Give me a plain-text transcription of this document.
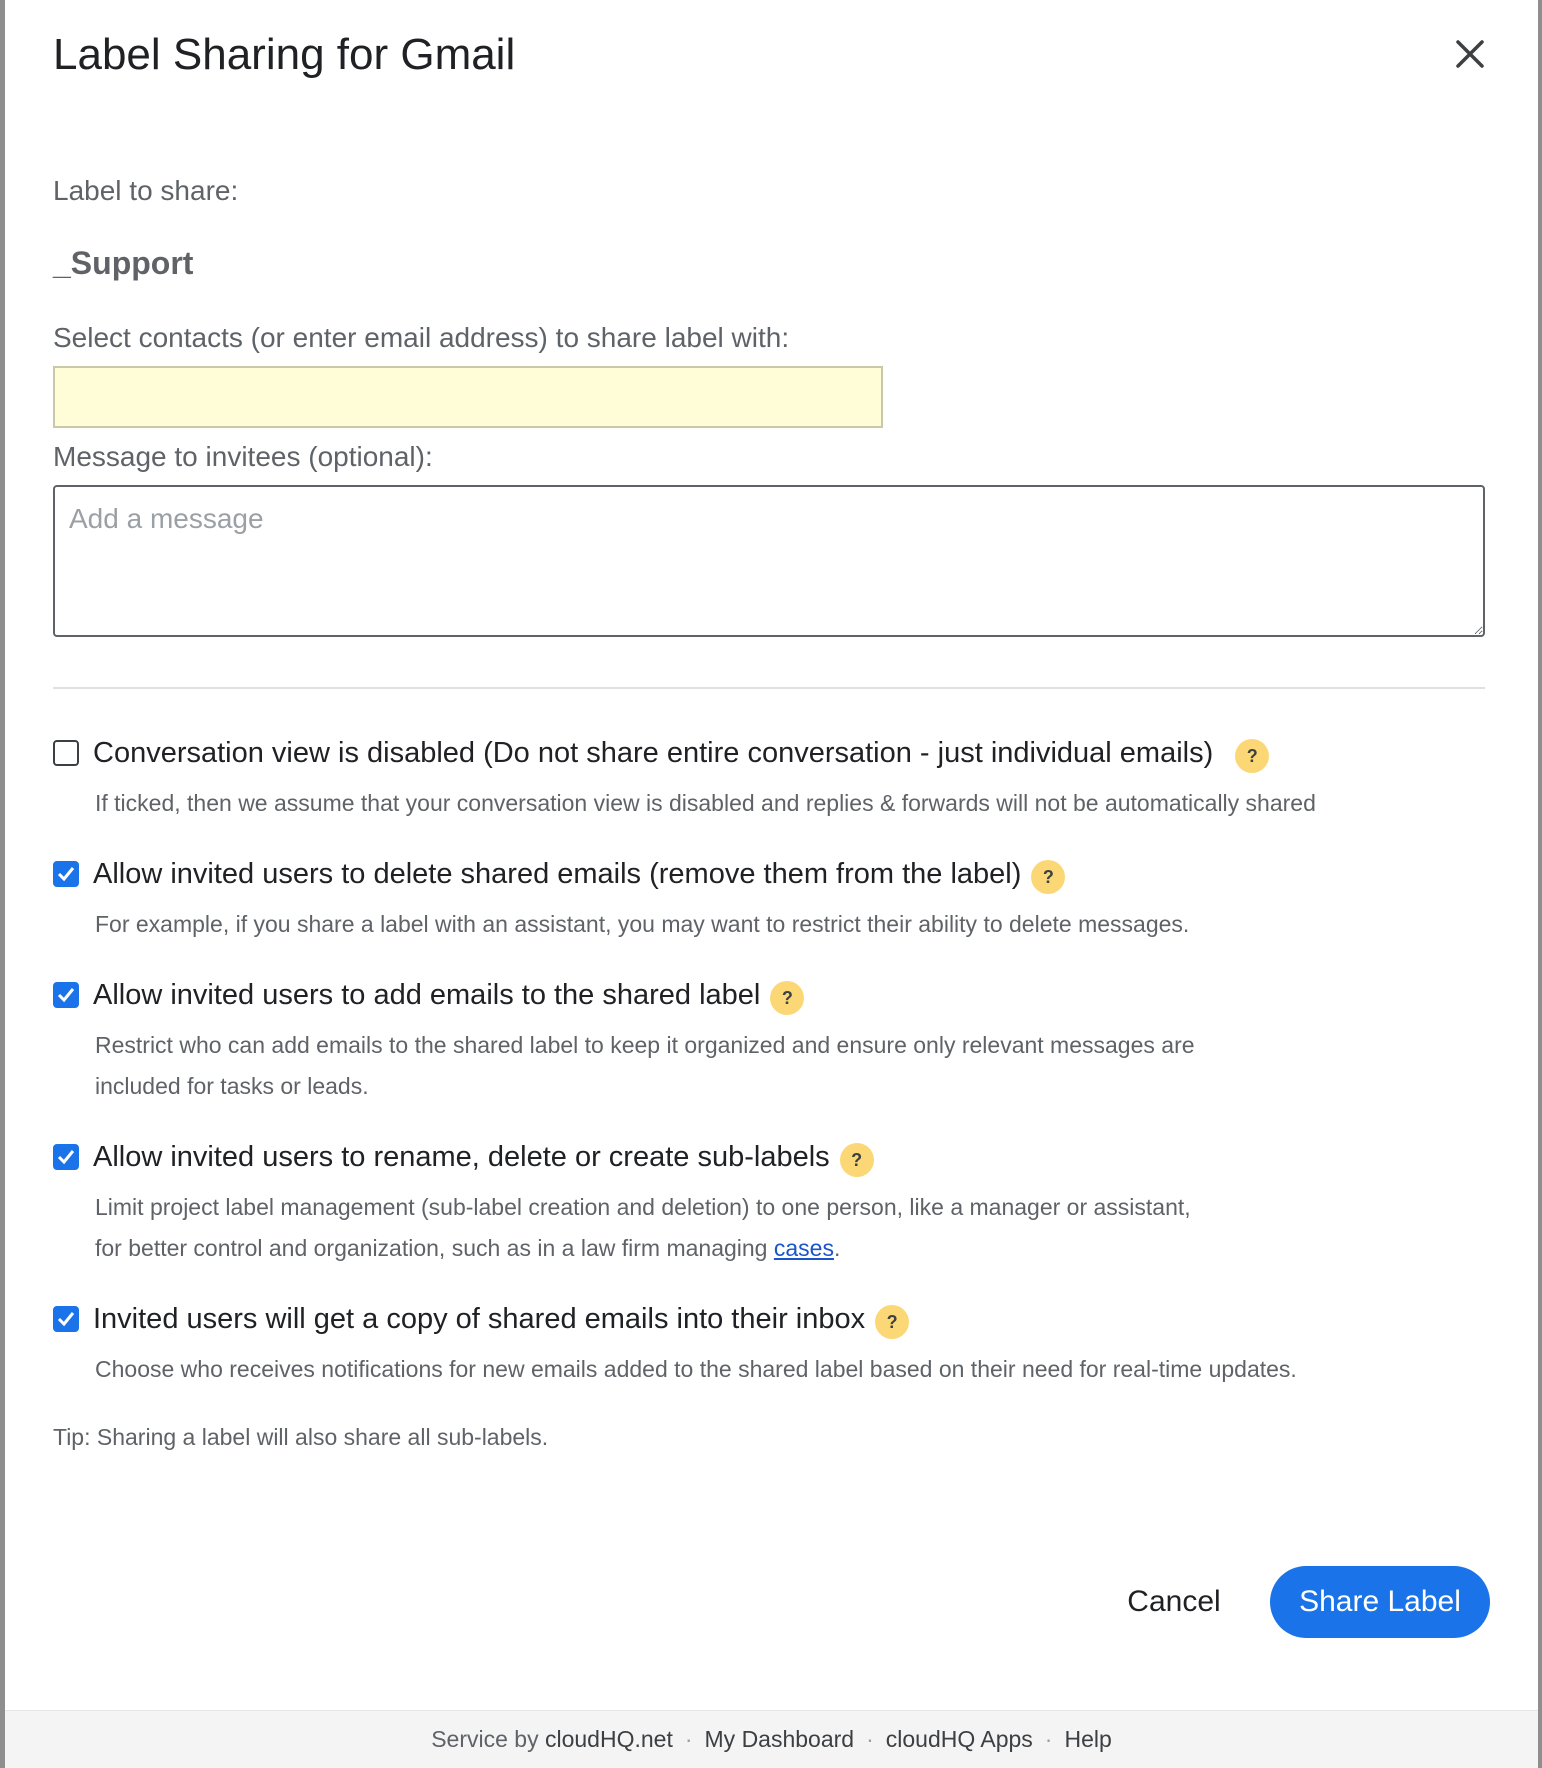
Label Sharing for Gmail
Label to share:
_Support
Select contacts (or enter email address) to share label with:
Message to invitees (optional):
Add a message
Conversation view is disabled (Do not share entire conversation - just individual emails)	?
If ticked, then we assume that your conversation view is disabled and replies & forwards will not be automatically shared
Allow invited users to delete shared emails (remove them from the label)	?
For example, if you share a label with an assistant, you may want to restrict their ability to delete messages.
Allow invited users to add emails to the shared label	?
Restrict who can add emails to the shared label to keep it organized and ensure only relevant messages are
included for tasks or leads.
Allow invited users to rename, delete or create sub-labels	?
Limit project label management (sub-label creation and deletion) to one person, like a manager or assistant,
for better control and organization, such as in a law firm managing cases.
Invited users will get a copy of shared emails into their inbox	?
Choose who receives notifications for new emails added to the shared label based on their need for real-time updates.
Tip: Sharing a label will also share all sub-labels.
Cancel	Share Label
Service by
cloudHQ.net · My Dashboard · cloudHQ Apps · Help
